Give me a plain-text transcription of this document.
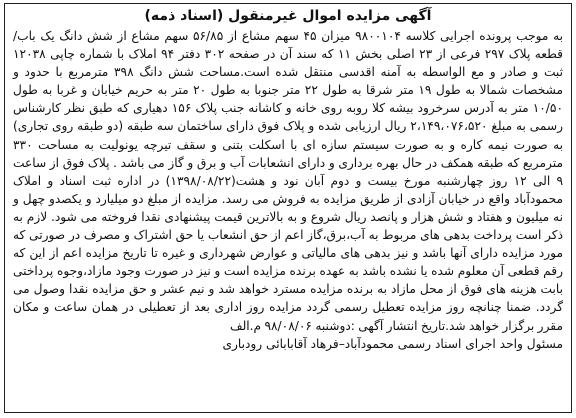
آگهی مزایده اموال غیرمنقول (اسناد ذمه)

به موجب پرونده اجرایی کلاسه ۹۸۰۰۱۰۴ میزان ۴۵ سهم مشاع از ۵۶/۸۵ سهم مشاع از شش دانگ یک باب/قطعه پلاک ۲۹۷ فرعی از ۲۳ اصلی بخش ۱۱ که سند آن در صفحه ۳۰۲ دفتر ۹۴ املاک با شماره چاپی ۱۲۰۳۸ ثبت و صادر و مع الواسطه به آمنه اقدسی منتقل شده است.مساحت شش دانگ ۳۹۸ مترمربع با حدود و مشخصات شمالا به طول ۱۹ متر شرقا به طول ۲۲ متر جنوبا به طول ۲۰ متر به حریم خیابان و غربا به طول ۱۰/۵۰ متر به آدرس سرخرود بیشه کلا روبه روی خانه و کاشانه جنب پلاک ۱۵۶ دهیاری که طبق نظر کارشناس رسمی به مبلغ ۲،۱۴۹،۰۷۶،۵۲۰ ریال ارزیابی شده و پلاک فوق دارای ساختمان سه طبقه (دو طبقه روی تجاری) به صورت نیمه کاره و به صورت سیستم سازه ای با اسکلت بتنی و سقف تیرچه یونولیت به مساحت ۳۳۰ مترمربع که طبقه همکف در حال بهره برداری و دارای انشعابات آب و برق و گاز می باشد . پلاک فوق از ساعت ۹ الی ۱۲ روز چهارشنبه مورخ بیست و دوم آبان نود و هشت(۱۳۹۸/۰۸/۲۲) در اداره ثبت اسناد و املاک محمودآباد واقع در خیابان آزادی از طریق مزایده به فروش می رسد. مزایده از مبلغ دو میلیارد و یکصدو چهل و نه میلیون و هفتاد و شش هزار و پانصد ریال شروع و به بالاترین قیمت پیشنهادی نقدا فروخته می شود. لازم به ذکر است پرداخت بدهی های مربوط به آب،برق،گاز اعم از حق انشعاب یا حق اشتراک و مصرف در صورتی که مورد مزایده دارای آنها باشد و نیز بدهی های مالیاتی و عوارض شهرداری و غیره تا تاریخ مزایده اعم از این که رقم قطعی آن معلوم شده یا نشده باشد به عهده برنده مزایده است و نیز در صورت وجود مازاد،وجوه پرداختی بابت هزینه های فوق از محل مازاد به برنده مزایده مسترد خواهد شد و نیم عشر و حق مزایده نقدا وصول می گردد. ضمنا چنانچه روز مزایده تعطیل رسمی گردد مزایده روز اداری بعد از تعطیلی در همان ساعت و مکان مقرر برگزار خواهد شد.تاریخ انتشار آگهی :دوشنبه ۹۸/۰۸/۰۶ م.الف

مسئول واحد اجرای اسناد رسمی محمودآباد–فرهاد آقابابائی رودباری
